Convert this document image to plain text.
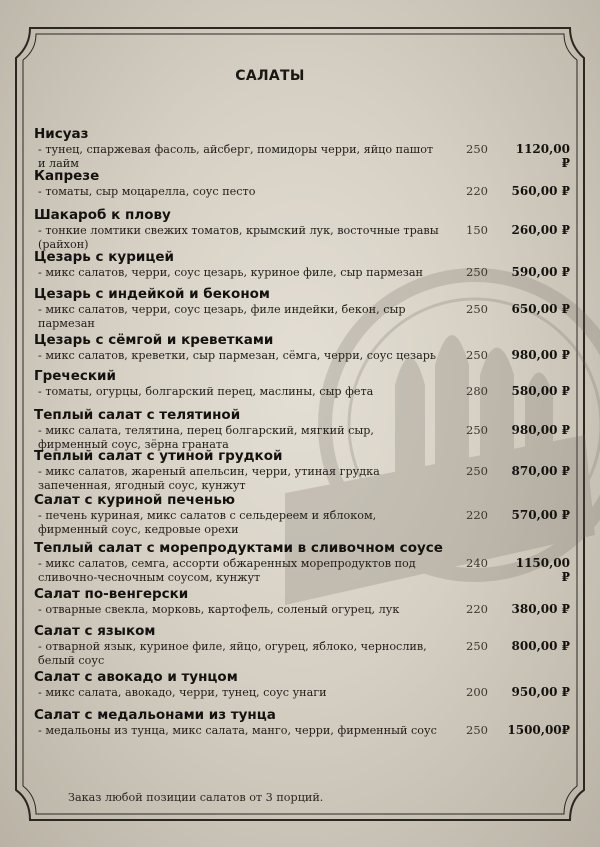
САЛАТЫ
Нисуаз
- тунец, спаржевая фасоль, айсберг, помидоры черри, яйцо пашот и лайм
250	1120,00 ₽
Капрезе
- томаты, сыр моцарелла, соус песто	220	560,00 ₽
Шакароб к плову
- тонкие ломтики свежих томатов, крымский лук, восточные травы (райхон)
150	260,00 ₽
Цезарь с курицей
- микс салатов, черри, соус цезарь, куриное филе, сыр пармезан	250	590,00 ₽
Цезарь с индейкой и беконом
- микс салатов, черри, соус цезарь, филе индейки, бекон, сыр пармезан
250	650,00 ₽
Цезарь с сёмгой и креветками
- микс салатов, креветки, сыр пармезан, сёмга, черри, соус цезарь	250	980,00 ₽
Греческий
- томаты, огурцы, болгарский перец, маслины, сыр фета	280	580,00 ₽
Теплый салат с телятиной
- микс салата, телятина, перец болгарский, мягкий сыр, фирменный соус, зёрна граната
250	980,00 ₽
Теплый салат с утиной грудкой
- микс салатов, жареный апельсин, черри, утиная грудка запеченная, ягодный соус, кунжут
250	870,00 ₽
Салат с куриной печенью
- печень куриная, микс салатов с сельдереем и яблоком, фирменный соус, кедровые орехи
220	570,00 ₽
Теплый салат с морепродуктами в сливочном соусе
- микс салатов, семга, ассорти обжаренных морепродуктов под сливочно-чесночным соусом, кунжут
240	1150,00 ₽
Салат по-венгерски
- отварные свекла, морковь, картофель, соленый огурец, лук	220	380,00 ₽
Салат с языком
- отварной язык, куриное филе, яйцо, огурец, яблоко, чернослив, белый соус
250	800,00 ₽
Салат с авокадо и тунцом
- микс салата, авокадо, черри, тунец, соус унаги	200	950,00 ₽
Салат с медальонами из тунца
- медальоны из тунца, микс салата, манго, черри, фирменный соус	250	1500,00₽
Заказ любой позиции салатов от 3 порций.
